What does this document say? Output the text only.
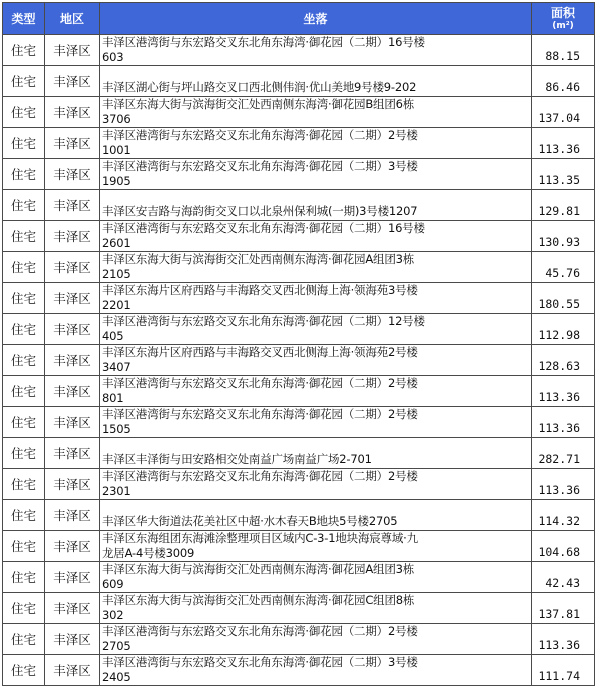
类型	地区	坐落	面积
(m²)

住宅	丰泽区	丰泽区港湾街与东宏路交叉东北角东海湾·御花园（二期）16号楼
603	88.15
住宅	丰泽区	丰泽区湖心街与坪山路交叉口西北侧伟润·优山美地9号楼9-202	86.46
住宅	丰泽区	丰泽区东海大街与滨海街交汇处西南侧东海湾·御花园B组团6栋
3706	137.04
住宅	丰泽区	丰泽区港湾街与东宏路交叉东北角东海湾·御花园（二期）2号楼
1001	113.36
住宅	丰泽区	丰泽区港湾街与东宏路交叉东北角东海湾·御花园（二期）3号楼
1905	113.35
住宅	丰泽区	丰泽区安吉路与海韵街交叉口以北泉州保利城(一期)3号楼1207	129.81
住宅	丰泽区	丰泽区港湾街与东宏路交叉东北角东海湾·御花园（二期）16号楼
2601	130.93
住宅	丰泽区	丰泽区东海大街与滨海街交汇处西南侧东海湾·御花园A组团3栋
2105	45.76
住宅	丰泽区	丰泽区东海片区府西路与丰海路交叉西北侧海上海·领海苑3号楼
2201	180.55
住宅	丰泽区	丰泽区港湾街与东宏路交叉东北角东海湾·御花园（二期）12号楼
405	112.98
住宅	丰泽区	丰泽区东海片区府西路与丰海路交叉西北侧海上海·领海苑2号楼
3407	128.63
住宅	丰泽区	丰泽区港湾街与东宏路交叉东北角东海湾·御花园（二期）2号楼
801	113.36
住宅	丰泽区	丰泽区港湾街与东宏路交叉东北角东海湾·御花园（二期）2号楼
1505	113.36
住宅	丰泽区	丰泽区丰泽街与田安路相交处南益广场南益广场2-701	282.71
住宅	丰泽区	丰泽区港湾街与东宏路交叉东北角东海湾·御花园（二期）2号楼
2301	113.36
住宅	丰泽区	丰泽区华大街道法花美社区中超·水木春天B地块5号楼2705	114.32
住宅	丰泽区	丰泽区东海组团东海滩涂整理项目区域内C-3-1地块海宸尊域·九
龙居A-4号楼3009	104.68
住宅	丰泽区	丰泽区东海大街与滨海街交汇处西南侧东海湾·御花园A组团3栋
609	42.43
住宅	丰泽区	丰泽区东海大街与滨海街交汇处西南侧东海湾·御花园C组团8栋
302	137.81
住宅	丰泽区	丰泽区港湾街与东宏路交叉东北角东海湾·御花园（二期）2号楼
2705	113.36
住宅	丰泽区	丰泽区港湾街与东宏路交叉东北角东海湾·御花园（二期）3号楼
2405	111.74
